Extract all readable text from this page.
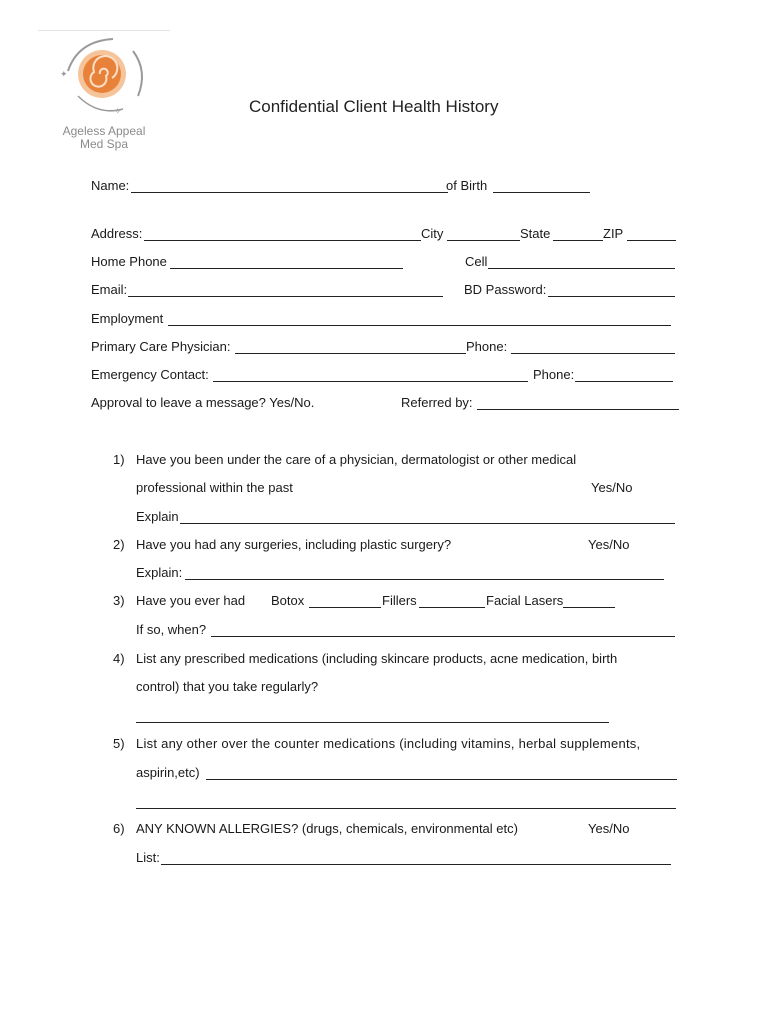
✦
✧
Ageless Appeal
Med Spa
Confidential Client Health History
Name:	of Birth
Address:	City	State	ZIP
Home Phone	Cell
Email:	BD Password:
Employment
Primary Care Physician:	Phone:
Emergency Contact:	Phone:
Approval to leave a message? Yes/No.	Referred by:
1) Have you been under the care of a physician, dermatologist or other medical
professional within the past	Yes/No
Explain
2) Have you had any surgeries, including plastic surgery?	Yes/No
Explain:
3) Have you ever had Botox	Fillers	Facial Lasers
If so, when?
4) List any prescribed medications (including skincare products, acne medication, birth
control) that you take regularly?
5) List any other over the counter medications (including vitamins, herbal supplements,
aspirin,etc)
6) ANY KNOWN ALLERGIES? (drugs, chemicals, environmental etc)	Yes/No
List:
